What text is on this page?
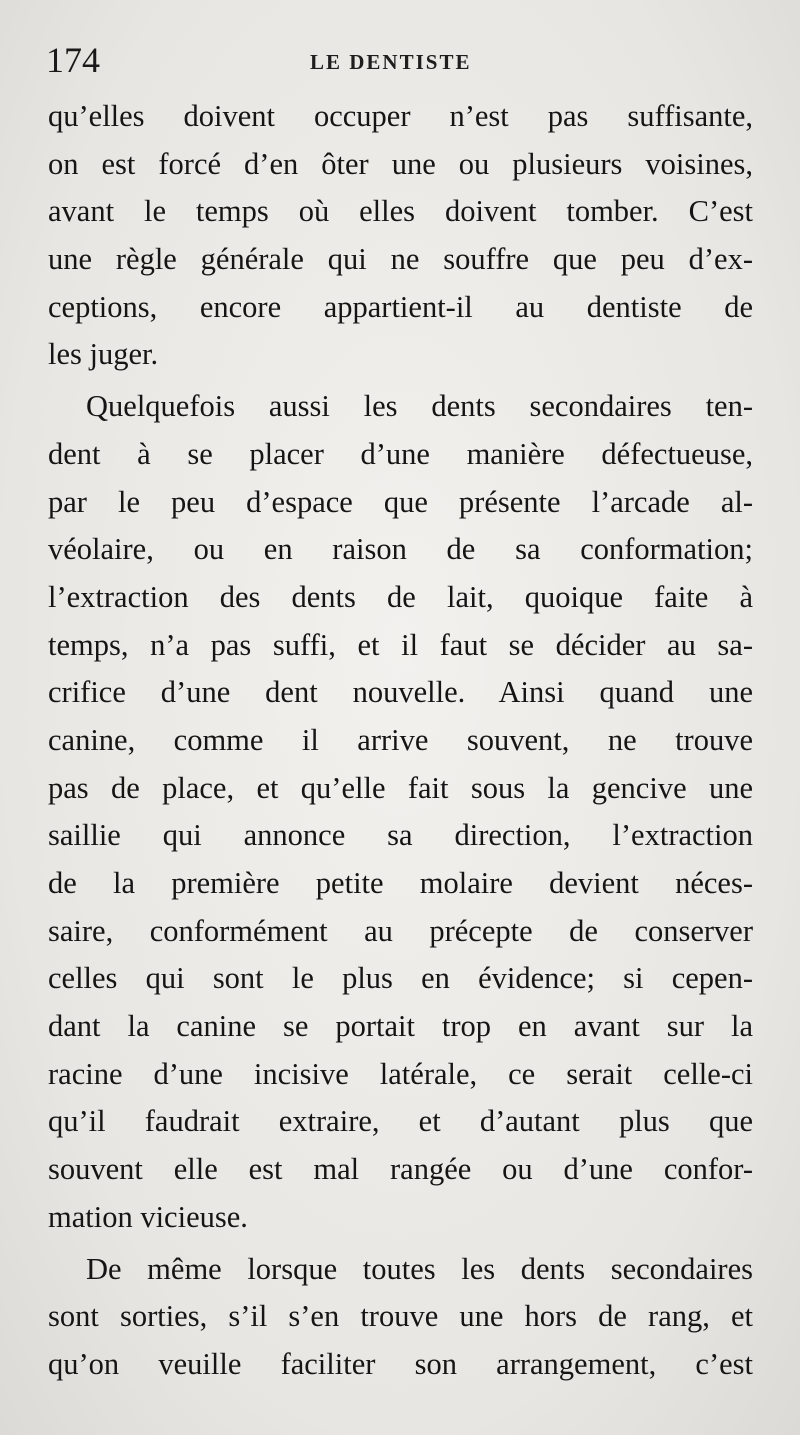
174	LE DENTISTE
qu’elles doivent occuper n’est pas suffisante,
on est forcé d’en ôter une ou plusieurs voisines,
avant le temps où elles doivent tomber. C’est
une règle générale qui ne souffre que peu d’ex-
ceptions, encore appartient-il au dentiste de
les juger.
Quelquefois aussi les dents secondaires ten-
dent à se placer d’une manière défectueuse,
par le peu d’espace que présente l’arcade al-
véolaire, ou en raison de sa conformation;
l’extraction des dents de lait, quoique faite à
temps, n’a pas suffi, et il faut se décider au sa-
crifice d’une dent nouvelle. Ainsi quand une
canine, comme il arrive souvent, ne trouve
pas de place, et qu’elle fait sous la gencive une
saillie qui annonce sa direction, l’extraction
de la première petite molaire devient néces-
saire, conformément au précepte de conserver
celles qui sont le plus en évidence; si cepen-
dant la canine se portait trop en avant sur la
racine d’une incisive latérale, ce serait celle-ci
qu’il faudrait extraire, et d’autant plus que
souvent elle est mal rangée ou d’une confor-
mation vicieuse.
De même lorsque toutes les dents secondaires
sont sorties, s’il s’en trouve une hors de rang, et
qu’on veuille faciliter son arrangement, c’est
